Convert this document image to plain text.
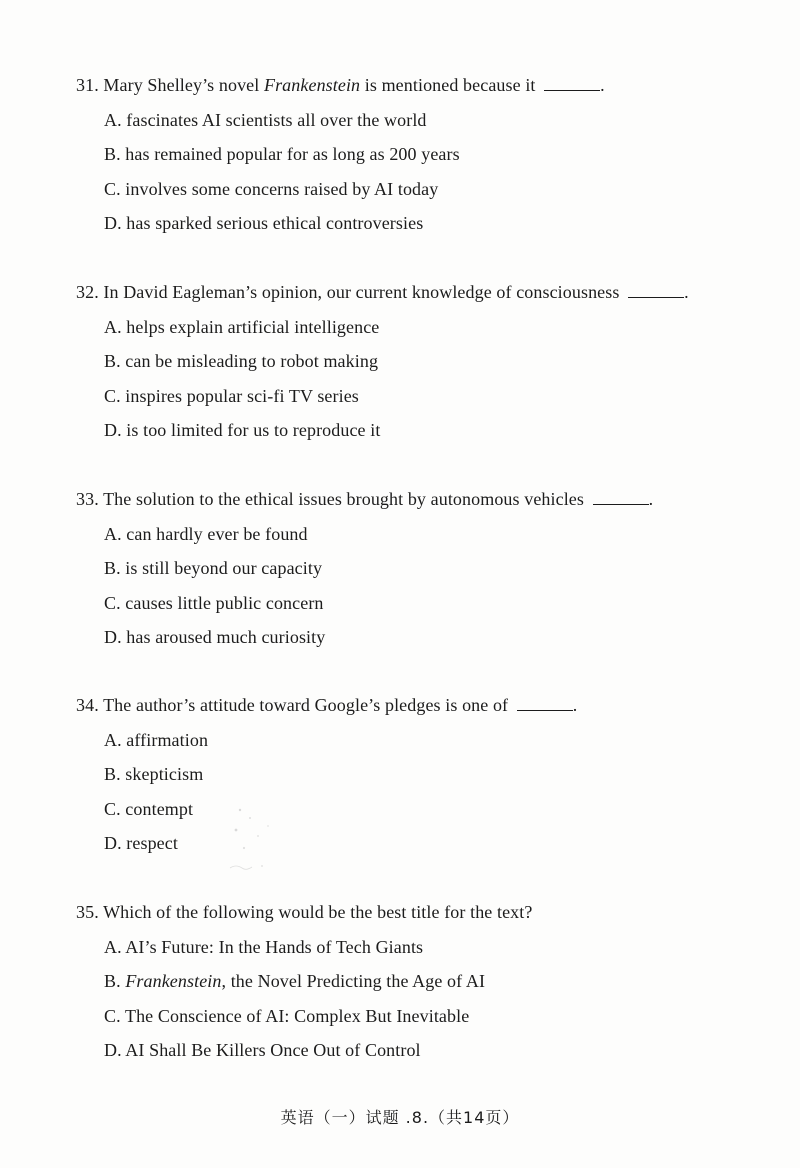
31. Mary Shelley’s novel Frankenstein is mentioned because it	.
A. fascinates AI scientists all over the world
B. has remained popular for as long as 200 years
C. involves some concerns raised by AI today
D. has sparked serious ethical controversies
32. In David Eagleman’s opinion, our current knowledge of consciousness	.
A. helps explain artificial intelligence
B. can be misleading to robot making
C. inspires popular sci-fi TV series
D. is too limited for us to reproduce it
33. The solution to the ethical issues brought by autonomous vehicles	.
A. can hardly ever be found
B. is still beyond our capacity
C. causes little public concern
D. has aroused much curiosity
34. The author’s attitude toward Google’s pledges is one of	.
A. affirmation
B. skepticism
C. contempt
D. respect
35. Which of the following would be the best title for the text?
A. AI’s Future: In the Hands of Tech Giants
B. Frankenstein, the Novel Predicting the Age of AI
C. The Conscience of AI: Complex But Inevitable
D. AI Shall Be Killers Once Out of Control
英语（一）试题 .8.（共14页）
